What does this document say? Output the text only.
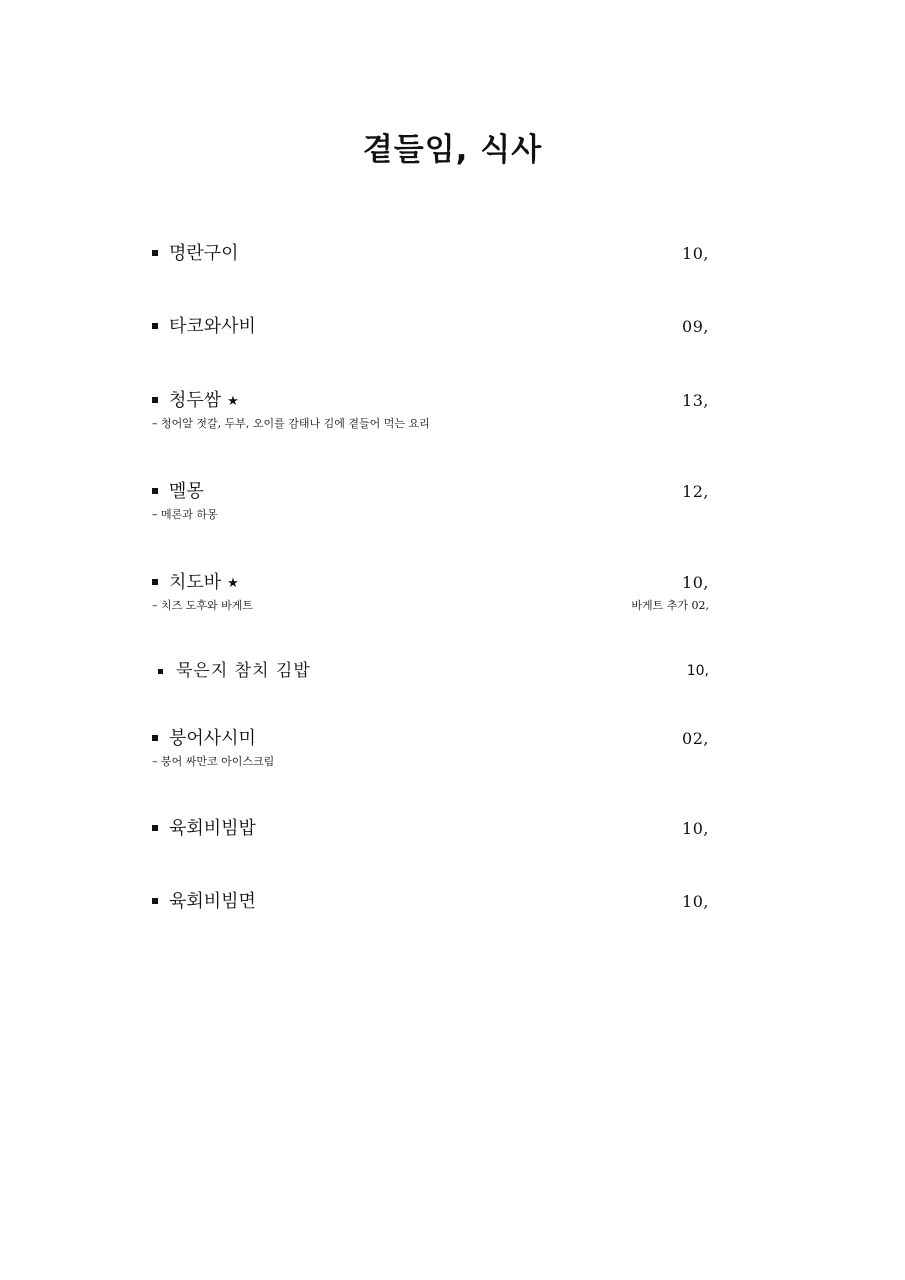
곁들임, 식사
명란구이	10,
타코와사비	09,
청두쌈 ★	13,
– 청어알 젓갈, 두부, 오이를 감태나 김에 곁들어 먹는 요리
멜몽	12,
– 메론과 하몽
치도바 ★	10,
– 치즈 도후와 바게트	바게트 추가 02,
묵은지 참치 김밥	10,
붕어사시미	02,
– 붕어 싸만코 아이스크림
육회비빔밥	10,
육회비빔면	10,
